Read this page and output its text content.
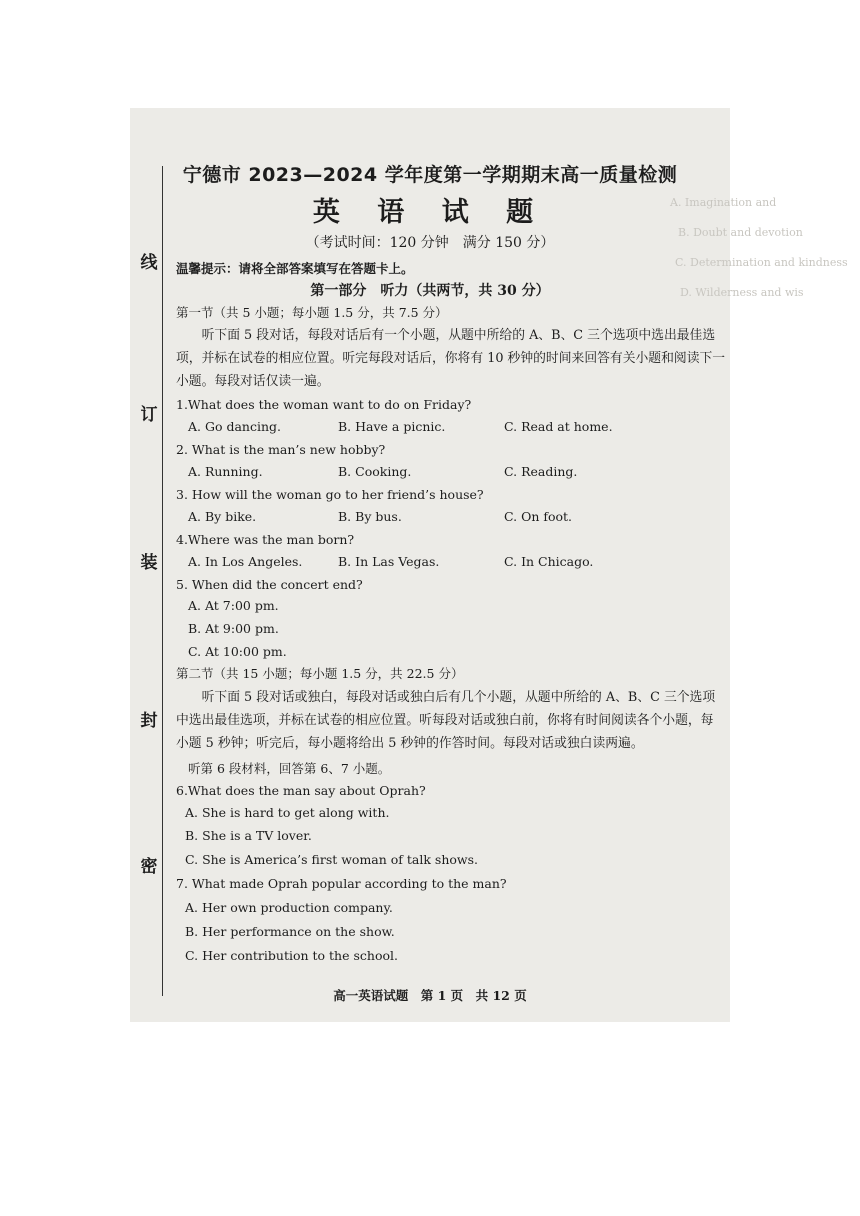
A. Imagination and
B. Doubt and devotion
C. Determination and kindness
D. Wilderness and wis
线
订
装
封
密
宁德市 2023—2024 学年度第一学期期末高一质量检测
英 语 试 题
（考试时间：120 分钟　满分 150 分）
温馨提示：请将全部答案填写在答题卡上。
第一部分　听力（共两节，共 30 分）
第一节（共 5 小题；每小题 1.5 分，共 7.5 分）
听下面 5 段对话，每段对话后有一个小题，从题中所给的 A、B、C 三个选项中选出最佳选项，并标在试卷的相应位置。听完每段对话后，你将有 10 秒钟的时间来回答有关小题和阅读下一小题。每段对话仅读一遍。
1.What does the woman want to do on Friday?
A. Go dancing.	B. Have a picnic.	C. Read at home.
2. What is the man’s new hobby?
A. Running.	B. Cooking.	C. Reading.
3. How will the woman go to her friend’s house?
A. By bike.	B. By bus.	C. On foot.
4.Where was the man born?
A. In Los Angeles.	B. In Las Vegas.	C. In Chicago.
5. When did the concert end?
A. At 7:00 pm.
B. At 9:00 pm.
C. At 10:00 pm.
第二节（共 15 小题；每小题 1.5 分，共 22.5 分）
听下面 5 段对话或独白，每段对话或独白后有几个小题，从题中所给的 A、B、C 三个选项中选出最佳选项，并标在试卷的相应位置。听每段对话或独白前，你将有时间阅读各个小题，每小题 5 秒钟；听完后，每小题将给出 5 秒钟的作答时间。每段对话或独白读两遍。
听第 6 段材料，回答第 6、7 小题。
6.What does the man say about Oprah?
A. She is hard to get along with.
B. She is a TV lover.
C. She is America’s first woman of talk shows.
7. What made Oprah popular according to the man?
A. Her own production company.
B. Her performance on the show.
C. Her contribution to the school.
高一英语试题　第 1 页　共 12 页
